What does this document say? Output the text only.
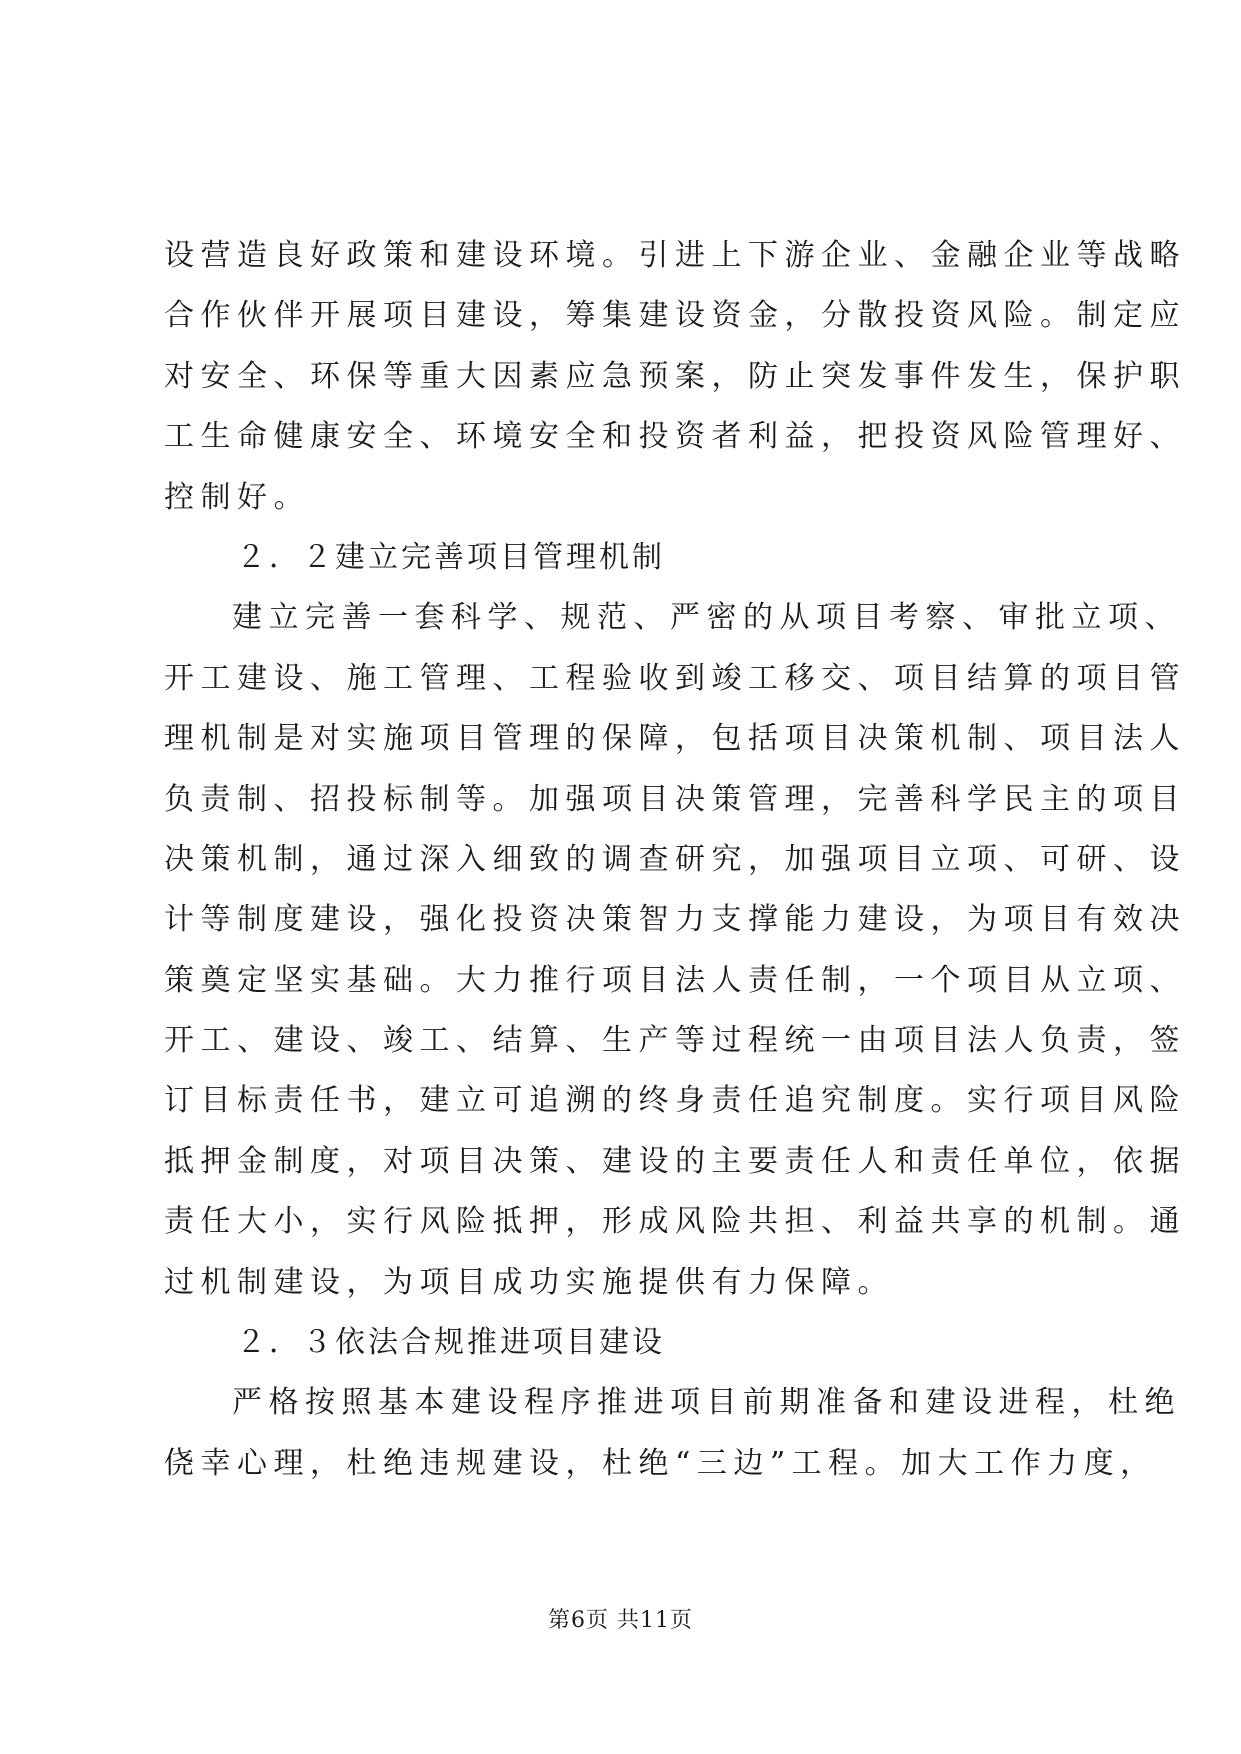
设营造良好政策和建设环境。引进上下游企业、金融企业等战略
合作伙伴开展项目建设，筹集建设资金，分散投资风险。制定应
对安全、环保等重大因素应急预案，防止突发事件发生，保护职
工生命健康安全、环境安全和投资者利益，把投资风险管理好、
控制好。
２．２建立完善项目管理机制
建立完善一套科学、规范、严密的从项目考察、审批立项、
开工建设、施工管理、工程验收到竣工移交、项目结算的项目管
理机制是对实施项目管理的保障，包括项目决策机制、项目法人
负责制、招投标制等。加强项目决策管理，完善科学民主的项目
决策机制，通过深入细致的调查研究，加强项目立项、可研、设
计等制度建设，强化投资决策智力支撑能力建设，为项目有效决
策奠定坚实基础。大力推行项目法人责任制，一个项目从立项、
开工、建设、竣工、结算、生产等过程统一由项目法人负责，签
订目标责任书，建立可追溯的终身责任追究制度。实行项目风险
抵押金制度，对项目决策、建设的主要责任人和责任单位，依据
责任大小，实行风险抵押，形成风险共担、利益共享的机制。通
过机制建设，为项目成功实施提供有力保障。
２．３依法合规推进项目建设
严格按照基本建设程序推进项目前期准备和建设进程，杜绝
侥幸心理，杜绝违规建设，杜绝“三边”工程。加大工作力度，
第6页 共11页
